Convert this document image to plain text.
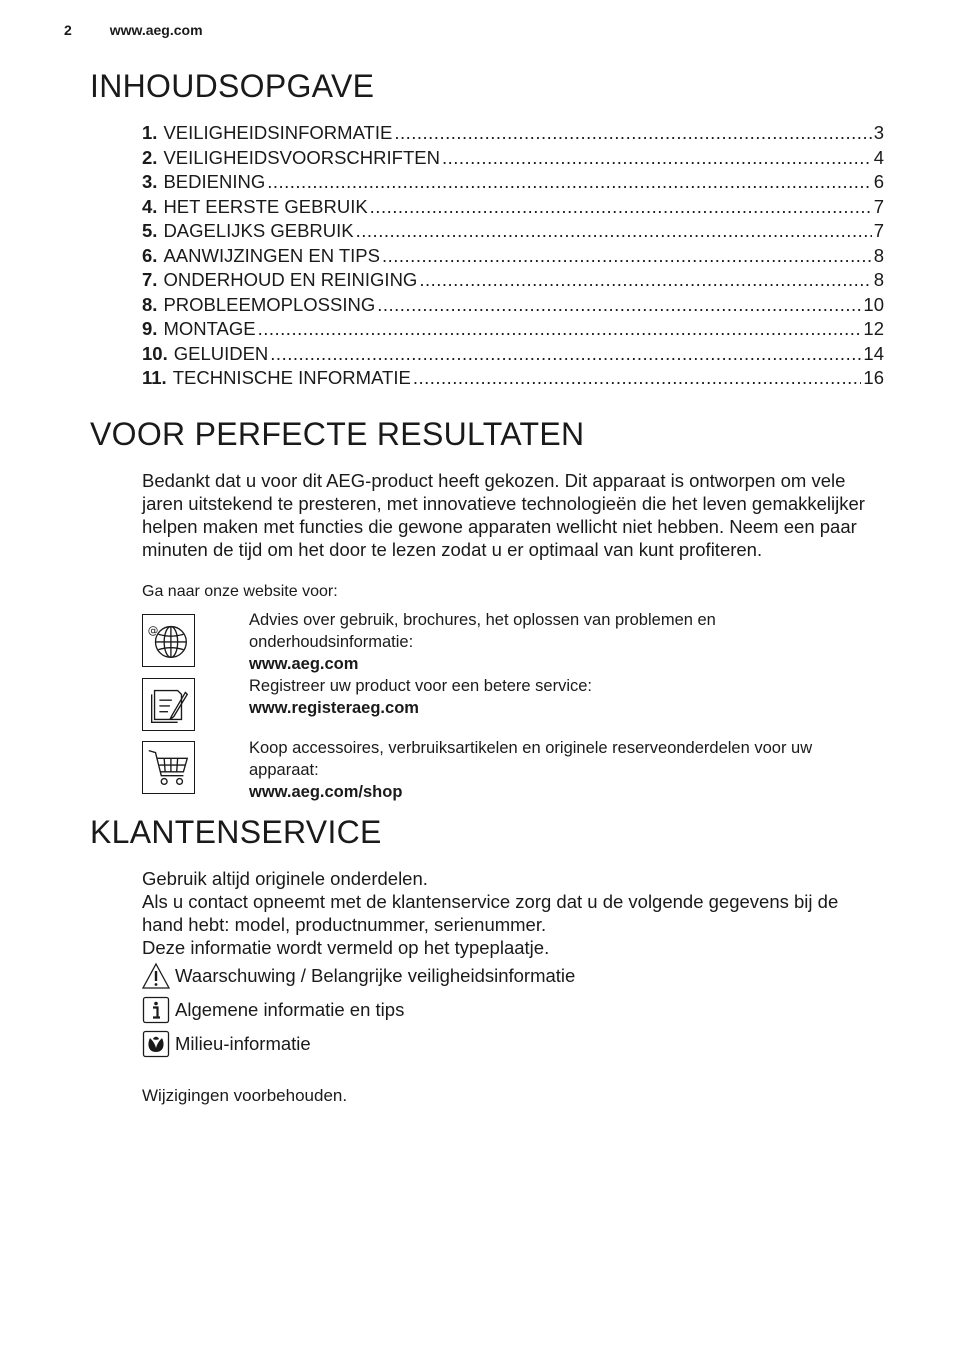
2	www.aeg.com
INHOUDSOPGAVE
1. VEILIGHEIDSINFORMATIE .....	3
2. VEILIGHEIDSVOORSCHRIFTEN .....	4
3. BEDIENING .....	6
4. HET EERSTE GEBRUIK .....	7
5. DAGELIJKS GEBRUIK .....	7
6. AANWIJZINGEN EN TIPS .....	8
7. ONDERHOUD EN REINIGING .....	8
8. PROBLEEMOPLOSSING .....	10
9. MONTAGE .....	12
10. GELUIDEN .....	14
11. TECHNISCHE INFORMATIE .....	16
VOOR PERFECTE RESULTATEN

Bedankt dat u voor dit AEG-product heeft gekozen. Dit apparaat is ontworpen om vele jaren uitstekend te presteren, met innovatieve technologieën die het leven gemakkelijker helpen maken met functies die gewone apparaten wellicht niet hebben. Neem een paar minuten de tijd om het door te lezen zodat u er optimaal van kunt profiteren.

Ga naar onze website voor:
@
Advies over gebruik, brochures, het oplossen van problemen en onderhoudsinformatie:
www.aeg.com
Registreer uw product voor een betere service:
www.registeraeg.com
Koop accessoires, verbruiksartikelen en originele reserveonderdelen voor uw apparaat:
www.aeg.com/shop
KLANTENSERVICE
Gebruik altijd originele onderdelen.
Als u contact opneemt met de klantenservice zorg dat u de volgende gegevens bij de hand hebt: model, productnummer, serienummer.
Deze informatie wordt vermeld op het typeplaatje.
Waarschuwing / Belangrijke veiligheidsinformatie
Algemene informatie en tips
Milieu-informatie
Wijzigingen voorbehouden.
